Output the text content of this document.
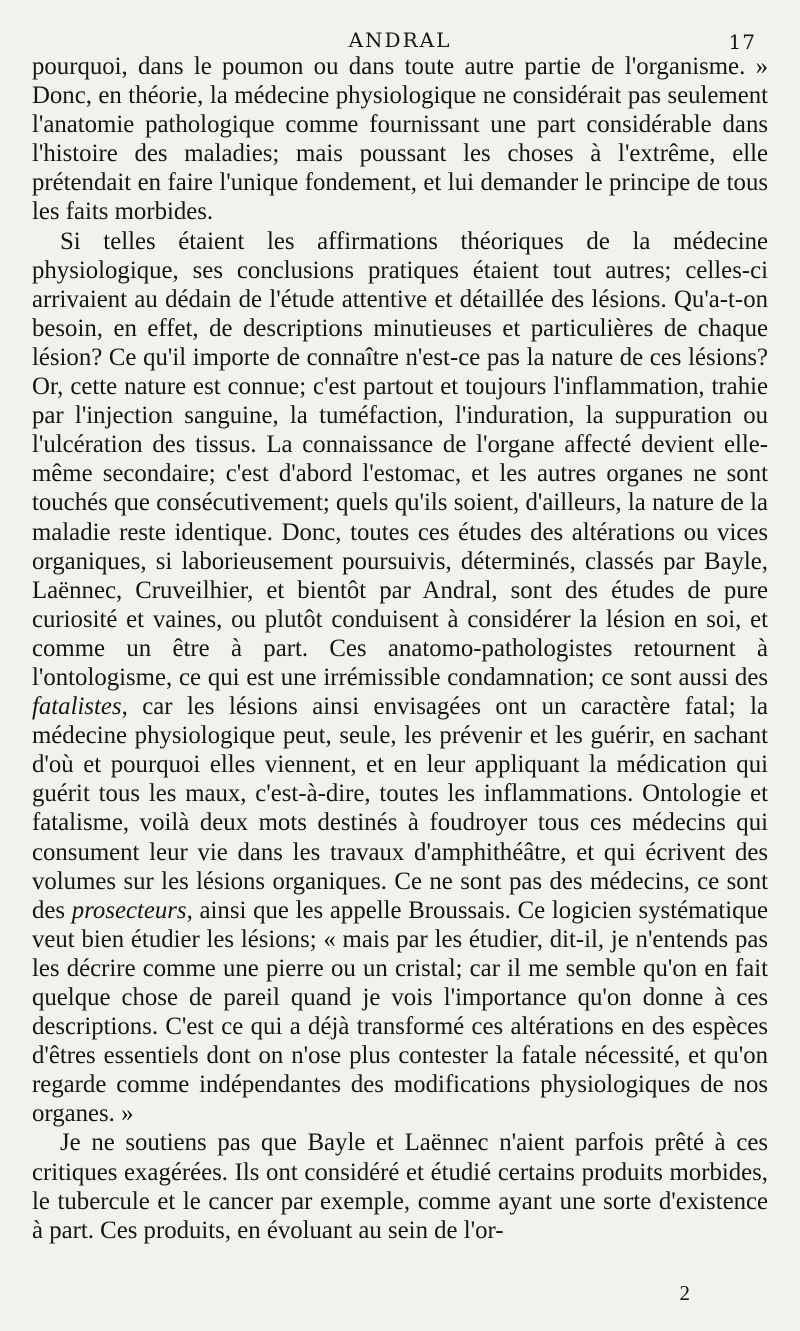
ANDRAL	17

pourquoi, dans le poumon ou dans toute autre partie de l'organisme. » Donc, en théorie, la médecine physiologique ne considérait pas seulement l'anatomie pathologique comme fournissant une part considérable dans l'histoire des maladies; mais poussant les choses à l'extrême, elle prétendait en faire l'unique fondement, et lui demander le principe de tous les faits morbides.

Si telles étaient les affirmations théoriques de la médecine physiologique, ses conclusions pratiques étaient tout autres; celles-ci arrivaient au dédain de l'étude attentive et détaillée des lésions. Qu'a-t-on besoin, en effet, de descriptions minutieuses et particulières de chaque lésion? Ce qu'il importe de connaître n'est-ce pas la nature de ces lésions? Or, cette nature est connue; c'est partout et toujours l'inflammation, trahie par l'injection sanguine, la tuméfaction, l'induration, la suppuration ou l'ulcération des tissus. La connaissance de l'organe affecté devient elle-même secondaire; c'est d'abord l'estomac, et les autres organes ne sont touchés que consécutivement; quels qu'ils soient, d'ailleurs, la nature de la maladie reste identique. Donc, toutes ces études des altérations ou vices organiques, si laborieusement poursuivis, déterminés, classés par Bayle, Laënnec, Cruveilhier, et bientôt par Andral, sont des études de pure curiosité et vaines, ou plutôt conduisent à considérer la lésion en soi, et comme un être à part. Ces anatomo-pathologistes retournent à l'ontologisme, ce qui est une irrémissible condamnation; ce sont aussi des fatalistes, car les lésions ainsi envisagées ont un caractère fatal; la médecine physiologique peut, seule, les prévenir et les guérir, en sachant d'où et pourquoi elles viennent, et en leur appliquant la médication qui guérit tous les maux, c'est-à-dire, toutes les inflammations. Ontologie et fatalisme, voilà deux mots destinés à foudroyer tous ces médecins qui consument leur vie dans les travaux d'amphithéâtre, et qui écrivent des volumes sur les lésions organiques. Ce ne sont pas des médecins, ce sont des prosecteurs, ainsi que les appelle Broussais. Ce logicien systématique veut bien étudier les lésions; « mais par les étudier, dit-il, je n'entends pas les décrire comme une pierre ou un cristal; car il me semble qu'on en fait quelque chose de pareil quand je vois l'importance qu'on donne à ces descriptions. C'est ce qui a déjà transformé ces altérations en des espèces d'êtres essentiels dont on n'ose plus contester la fatale nécessité, et qu'on regarde comme indépendantes des modifications physiologiques de nos organes. »

Je ne soutiens pas que Bayle et Laënnec n'aient parfois prêté à ces critiques exagérées. Ils ont considéré et étudié certains produits morbides, le tubercule et le cancer par exemple, comme ayant une sorte d'existence à part. Ces produits, en évoluant au sein de l'or-

2
